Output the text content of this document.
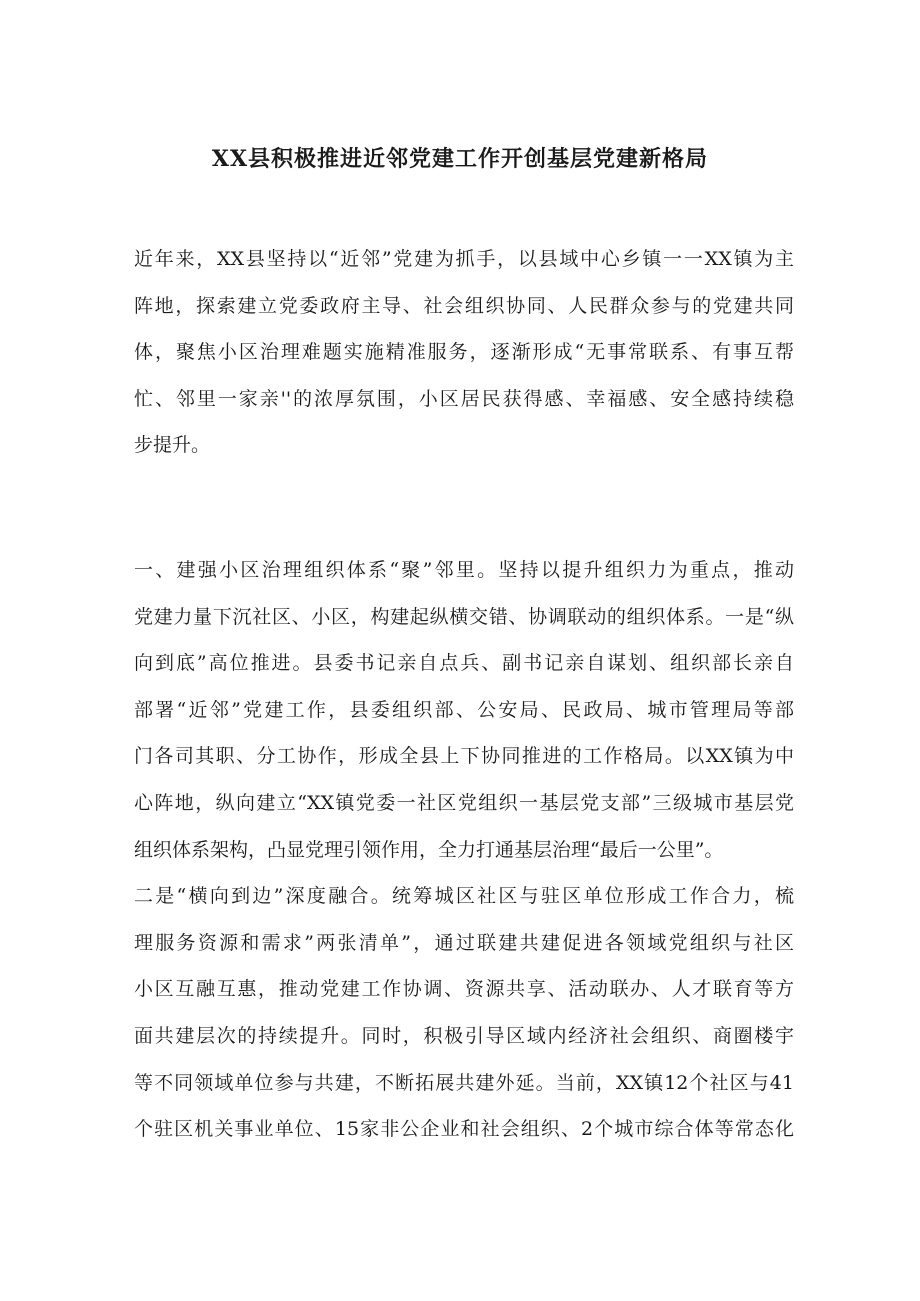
XX县积极推进近邻党建工作开创基层党建新格局
近年来，XX县坚持以“近邻”党建为抓手，以县域中心乡镇一一XX镇为主
阵地，探索建立党委政府主导、社会组织协同、人民群众参与的党建共同
体，聚焦小区治理难题实施精准服务，逐渐形成“无事常联系、有事互帮
忙、邻里一家亲''的浓厚氛围，小区居民获得感、幸福感、安全感持续稳
步提升。
一、建强小区治理组织体系“聚”邻里。坚持以提升组织力为重点，推动
党建力量下沉社区、小区，构建起纵横交错、协调联动的组织体系。一是“纵
向到底”高位推进。县委书记亲自点兵、副书记亲自谋划、组织部长亲自
部署“近邻”党建工作，县委组织部、公安局、民政局、城市管理局等部
门各司其职、分工协作，形成全县上下协同推进的工作格局。以XX镇为中
心阵地，纵向建立“XX镇党委一社区党组织一基层党支部”三级城市基层党
组织体系架构，凸显党理引领作用，全力打通基层治理“最后一公里”。
二是“横向到边”深度融合。统筹城区社区与驻区单位形成工作合力，梳
理服务资源和需求”两张清单”，通过联建共建促进各领域党组织与社区
小区互融互惠，推动党建工作协调、资源共享、活动联办、人才联育等方
面共建层次的持续提升。同时，积极引导区域内经济社会组织、商圈楼宇
等不同领域单位参与共建，不断拓展共建外延。当前，XX镇12个社区与41
个驻区机关事业单位、15家非公企业和社会组织、2个城市综合体等常态化
